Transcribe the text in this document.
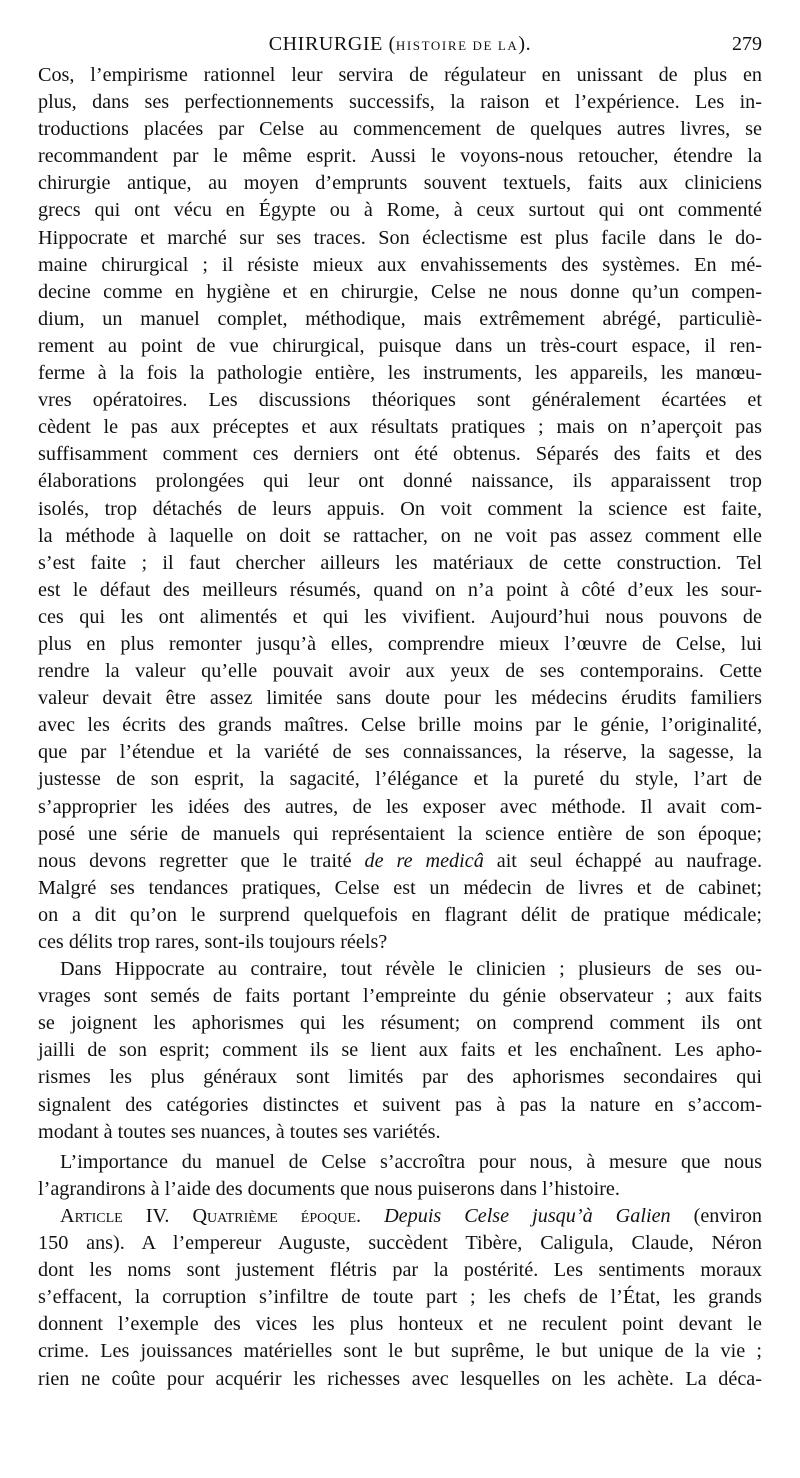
CHIRURGIE (HISTOIRE DE LA).	279
Cos, l’empirisme rationnel leur servira de régulateur en unissant de plus en
plus, dans ses perfectionnements successifs, la raison et l’expérience. Les in-
troductions placées par Celse au commencement de quelques autres livres, se
recommandent par le même esprit. Aussi le voyons-nous retoucher, étendre la
chirurgie antique, au moyen d’emprunts souvent textuels, faits aux cliniciens
grecs qui ont vécu en Égypte ou à Rome, à ceux surtout qui ont commenté
Hippocrate et marché sur ses traces. Son éclectisme est plus facile dans le do-
maine chirurgical ; il résiste mieux aux envahissements des systèmes. En mé-
decine comme en hygiène et en chirurgie, Celse ne nous donne qu’un compen-
dium, un manuel complet, méthodique, mais extrêmement abrégé, particuliè-
rement au point de vue chirurgical, puisque dans un très-court espace, il ren-
ferme à la fois la pathologie entière, les instruments, les appareils, les manœu-
vres opératoires. Les discussions théoriques sont généralement écartées et
cèdent le pas aux préceptes et aux résultats pratiques ; mais on n’aperçoit pas
suffisamment comment ces derniers ont été obtenus. Séparés des faits et des
élaborations prolongées qui leur ont donné naissance, ils apparaissent trop
isolés, trop détachés de leurs appuis. On voit comment la science est faite,
la méthode à laquelle on doit se rattacher, on ne voit pas assez comment elle
s’est faite ; il faut chercher ailleurs les matériaux de cette construction. Tel
est le défaut des meilleurs résumés, quand on n’a point à côté d’eux les sour-
ces qui les ont alimentés et qui les vivifient. Aujourd’hui nous pouvons de
plus en plus remonter jusqu’à elles, comprendre mieux l’œuvre de Celse, lui
rendre la valeur qu’elle pouvait avoir aux yeux de ses contemporains. Cette
valeur devait être assez limitée sans doute pour les médecins érudits familiers
avec les écrits des grands maîtres. Celse brille moins par le génie, l’originalité,
que par l’étendue et la variété de ses connaissances, la réserve, la sagesse, la
justesse de son esprit, la sagacité, l’élégance et la pureté du style, l’art de
s’approprier les idées des autres, de les exposer avec méthode. Il avait com-
posé une série de manuels qui représentaient la science entière de son époque;
nous devons regretter que le traité de re medicâ ait seul échappé au naufrage.
Malgré ses tendances pratiques, Celse est un médecin de livres et de cabinet;
on a dit qu’on le surprend quelquefois en flagrant délit de pratique médicale;
ces délits trop rares, sont-ils toujours réels?
Dans Hippocrate au contraire, tout révèle le clinicien ; plusieurs de ses ou-
vrages sont semés de faits portant l’empreinte du génie observateur ; aux faits
se joignent les aphorismes qui les résument; on comprend comment ils ont
jailli de son esprit; comment ils se lient aux faits et les enchaînent. Les apho-
rismes les plus généraux sont limités par des aphorismes secondaires qui
signalent des catégories distinctes et suivent pas à pas la nature en s’accom-
modant à toutes ses nuances, à toutes ses variétés.
L’importance du manuel de Celse s’accroîtra pour nous, à mesure que nous
l’agrandirons à l’aide des documents que nous puiserons dans l’histoire.
Article IV. Quatrième époque. Depuis Celse jusqu’à Galien (environ
150 ans). A l’empereur Auguste, succèdent Tibère, Caligula, Claude, Néron
dont les noms sont justement flétris par la postérité. Les sentiments moraux
s’effacent, la corruption s’infiltre de toute part ; les chefs de l’État, les grands
donnent l’exemple des vices les plus honteux et ne reculent point devant le
crime. Les jouissances matérielles sont le but suprême, le but unique de la vie ;
rien ne coûte pour acquérir les richesses avec lesquelles on les achète. La déca-
